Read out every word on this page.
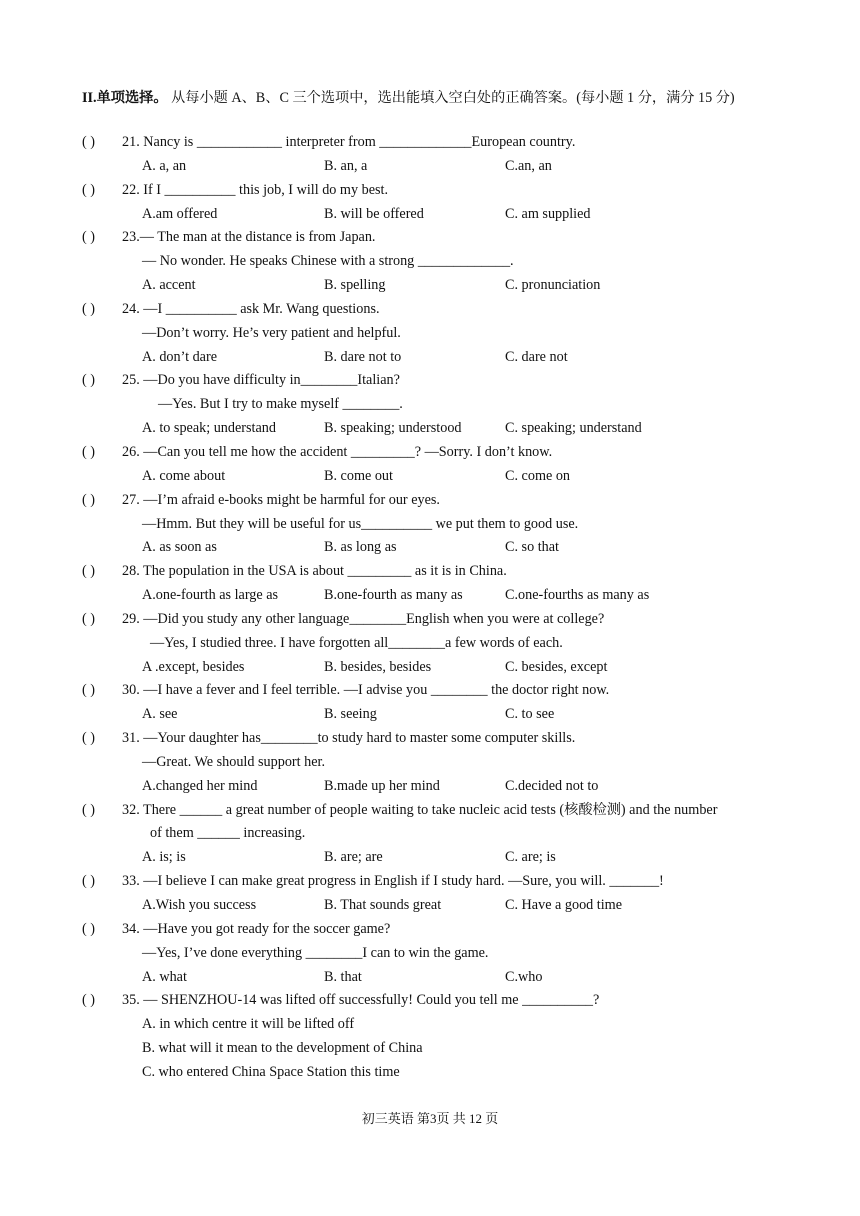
II.单项选择。 从每小题 A、B、C 三个选项中，选出能填入空白处的正确答案。(每小题 1 分，满分 15 分)
( ) 21. Nancy is ____________ interpreter from _____________European country.
A. a, an	B. an, a	C.an, an
( ) 22. If I __________ this job, I will do my best.
A.am offered	B. will be offered	C. am supplied
( ) 23.— The man at the distance is from Japan.
— No wonder. He speaks Chinese with a strong _____________.
A. accent	B. spelling	C. pronunciation
( ) 24. —I __________ ask Mr. Wang questions.
—Don’t worry. He’s very patient and helpful.
A. don’t dare	B. dare not to	C. dare not
( ) 25. —Do you have difficulty in________Italian?
—Yes. But I try to make myself ________.
A. to speak; understand	B. speaking; understood	C. speaking; understand
( ) 26. —Can you tell me how the accident _________? —Sorry. I don’t know.
A. come about	B. come out	C. come on
( ) 27. —I’m afraid e-books might be harmful for our eyes.
—Hmm. But they will be useful for us__________ we put them to good use.
A. as soon as	B. as long as	C. so that
( ) 28. The population in the USA is about _________ as it is in China.
A.one-fourth as large as	B.one-fourth as many as	C.one-fourths as many as
( ) 29. —Did you study any other language________English when you were at college?
—Yes, I studied three. I have forgotten all________a few words of each.
A .except, besides	B. besides, besides	C. besides, except
( ) 30. —I have a fever and I feel terrible. —I advise you ________ the doctor right now.
A. see	B. seeing	C. to see
( ) 31. —Your daughter has________to study hard to master some computer skills.
—Great. We should support her.
A.changed her mind	B.made up her mind	C.decided not to
( ) 32. There ______ a great number of people waiting to take nucleic acid tests (核酸检测) and the number
of them ______ increasing.
A. is; is	B. are; are	C. are; is
( ) 33. —I believe I can make great progress in English if I study hard. —Sure, you will. _______!
A.Wish you success	B. That sounds great	C. Have a good time
( ) 34. —Have you got ready for the soccer game?
—Yes, I’ve done everything ________I can to win the game.
A. what	B. that	C.who
( ) 35. — SHENZHOU-14 was lifted off successfully! Could you tell me __________?
A. in which centre it will be lifted off
B. what will it mean to the development of China
C. who entered China Space Station this time
初三英语 第3页 共 12 页
